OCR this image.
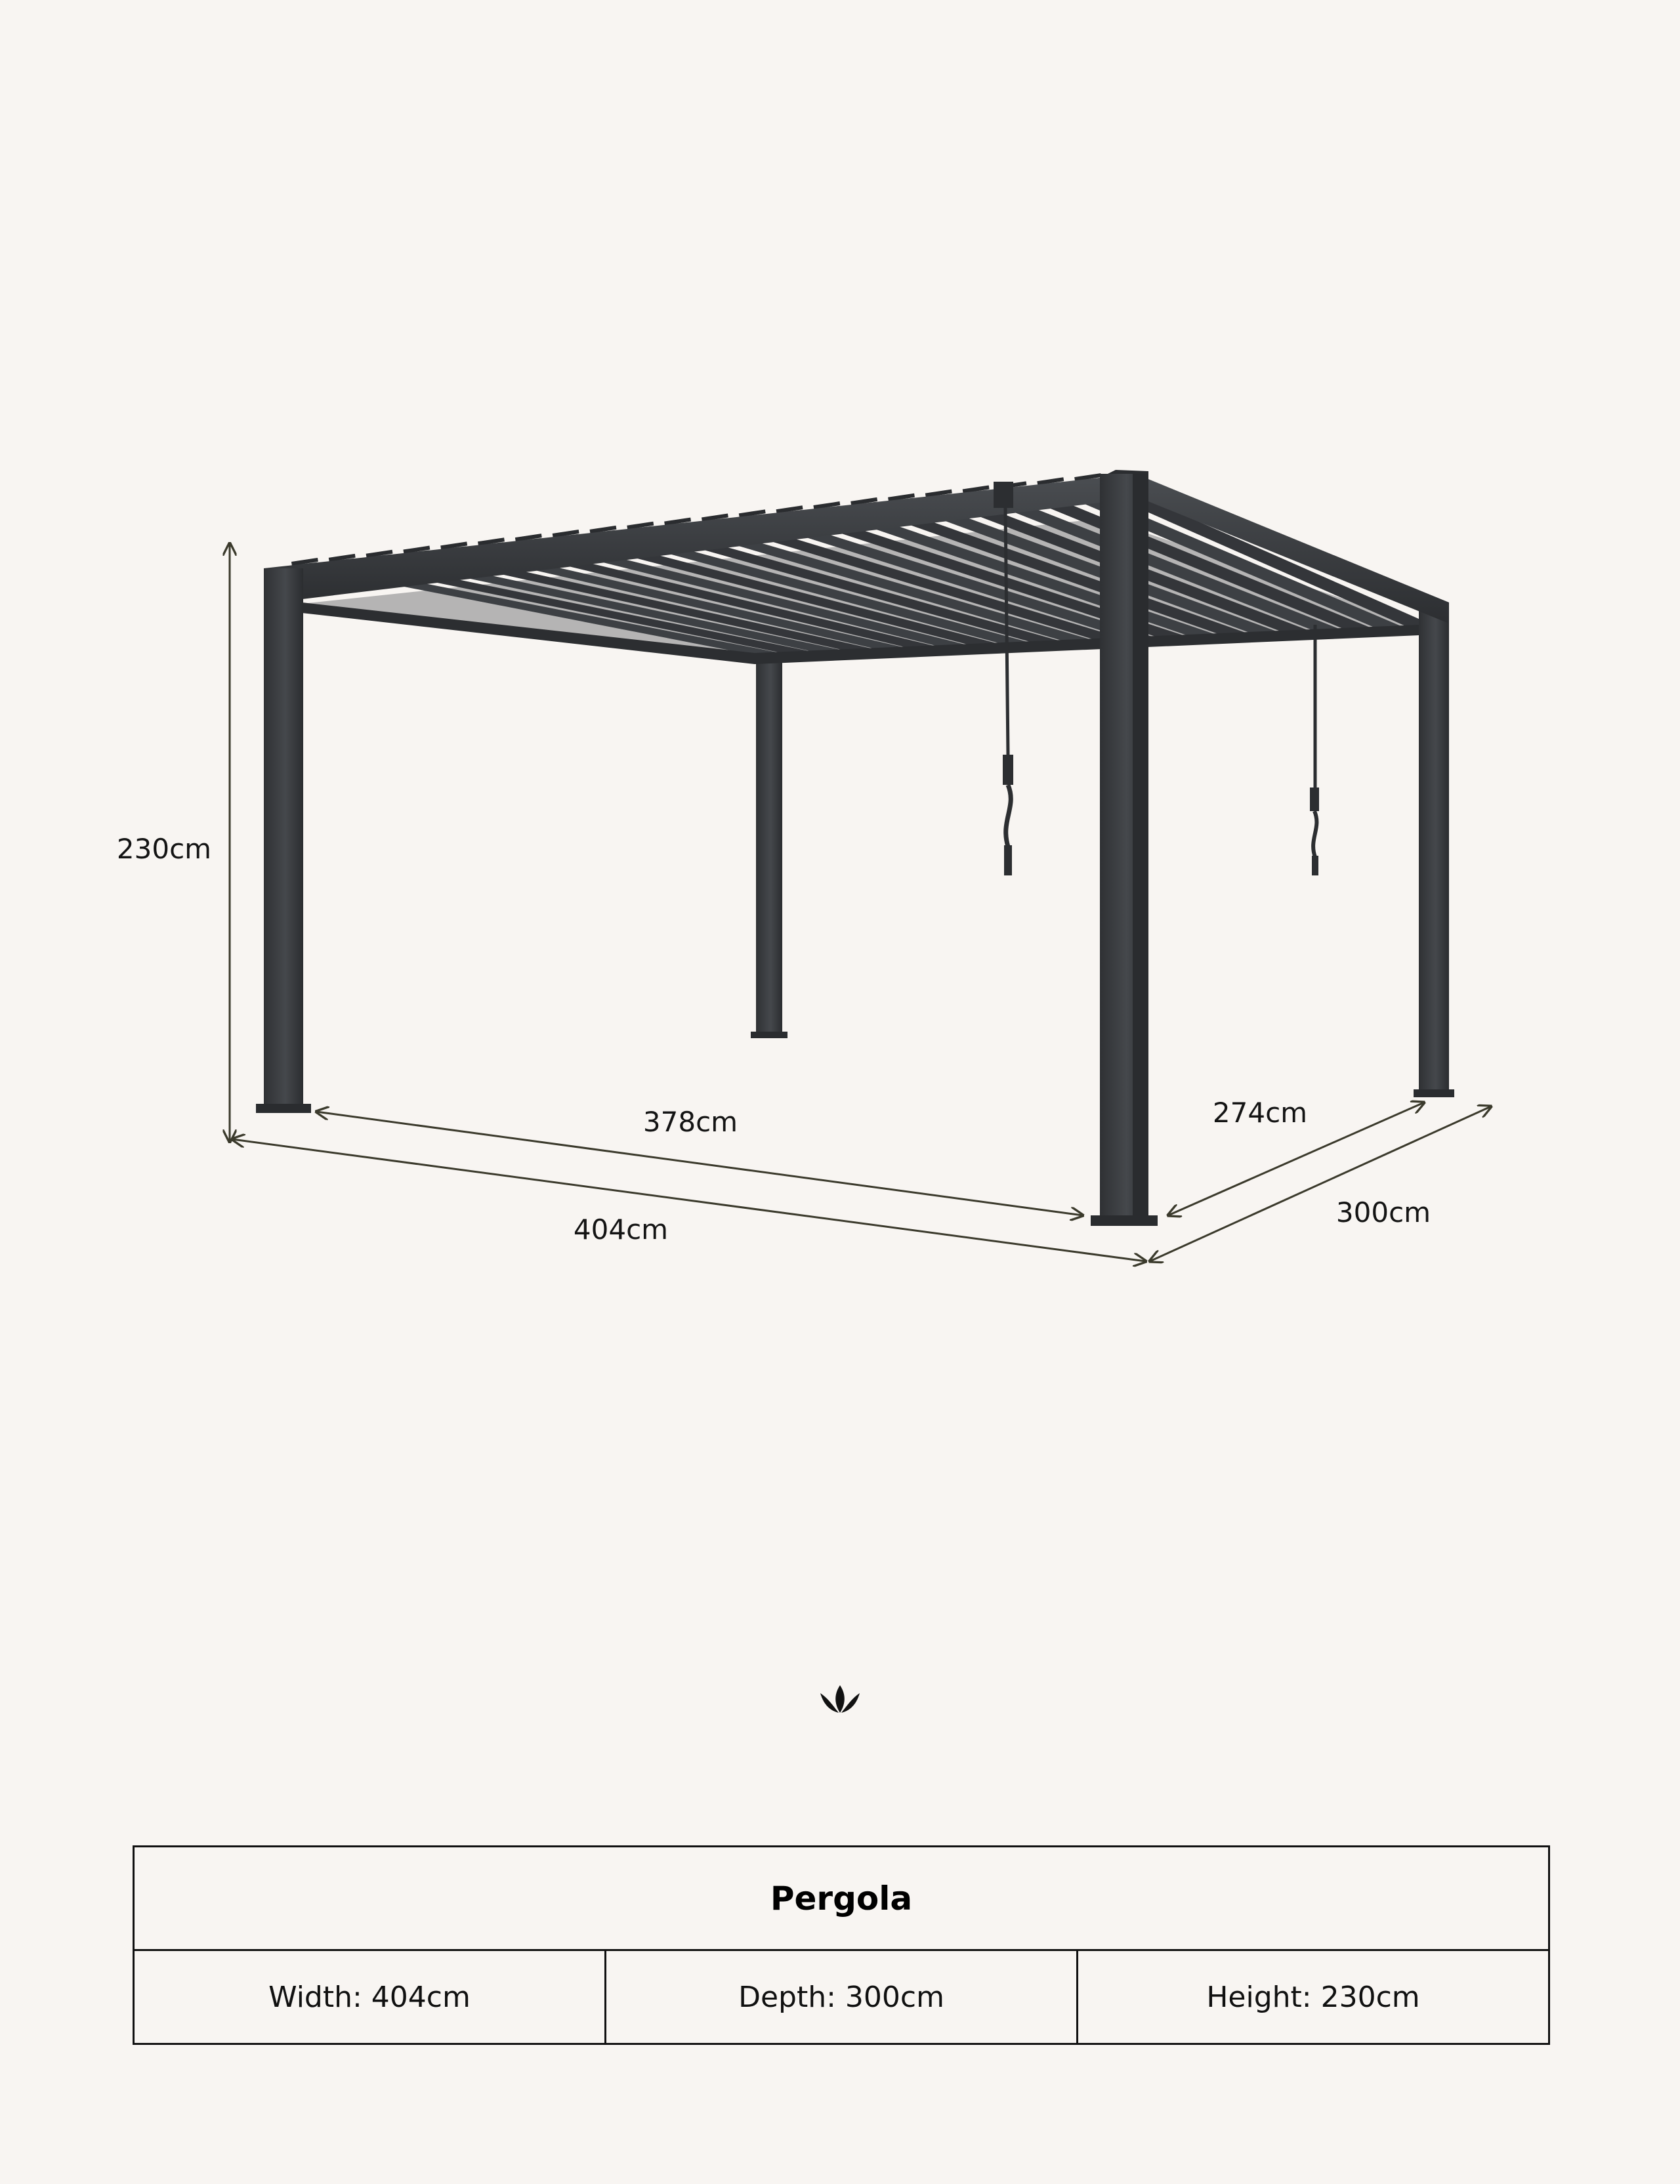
230cm
378cm
404cm
274cm
300cm
Pergola
Width: 404cm	Depth: 300cm	Height: 230cm
